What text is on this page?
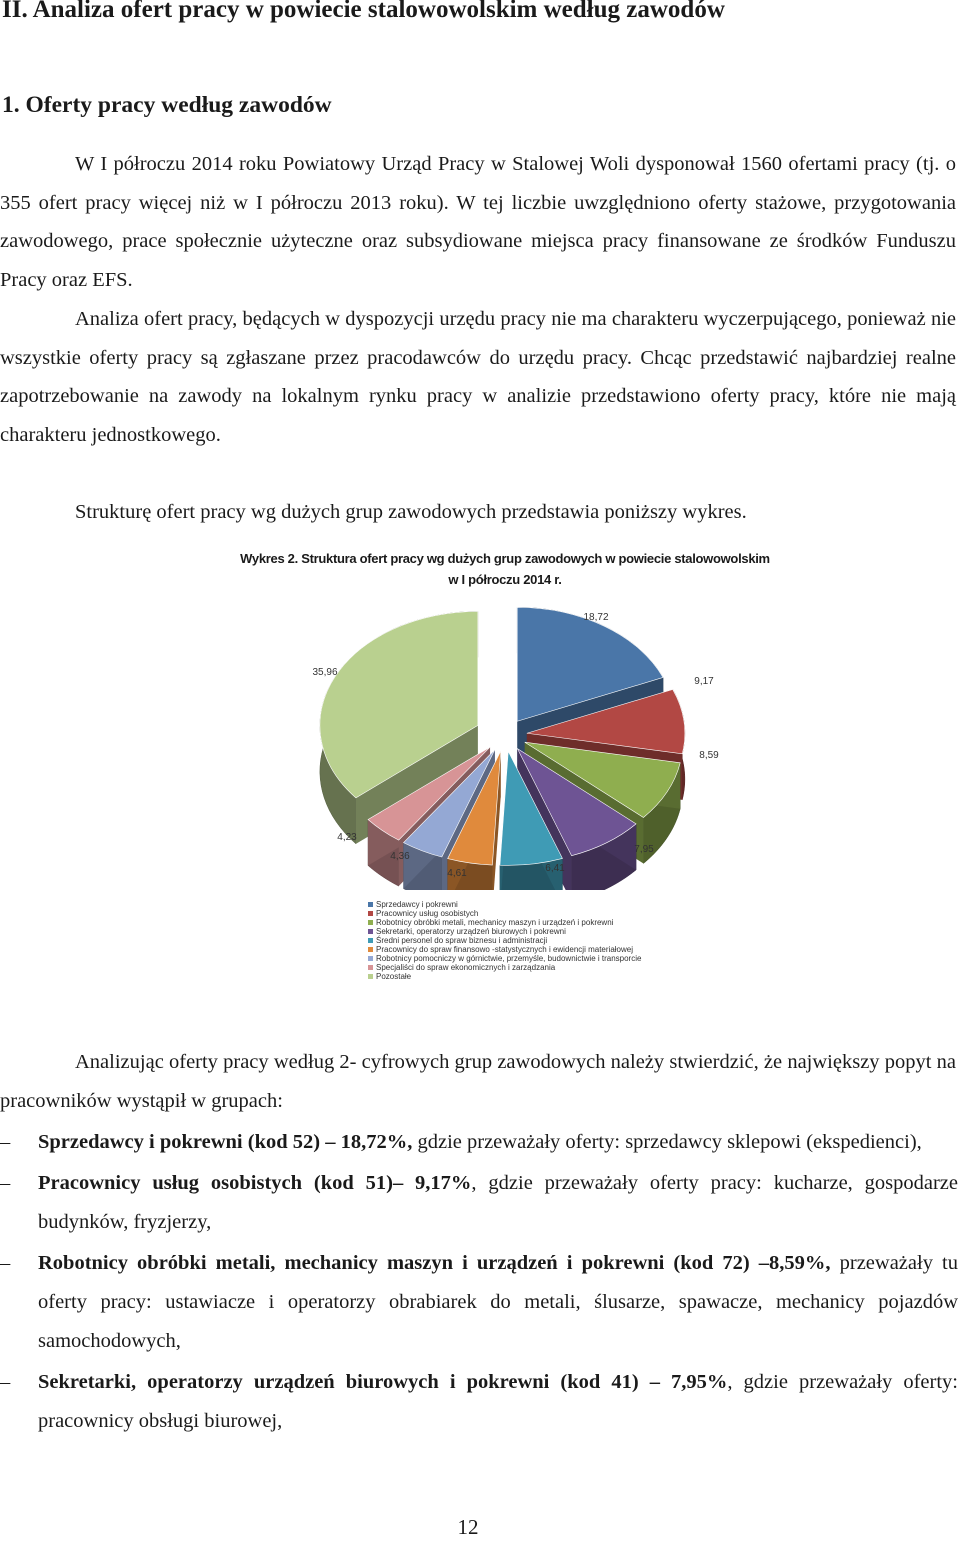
II. Analiza ofert pracy w powiecie stalowowolskim według zawodów
1. Oferty pracy według zawodów

W I półroczu 2014 roku Powiatowy Urząd Pracy w Stalowej Woli dysponował 1560 ofertami pracy (tj. o 355 ofert pracy więcej niż w I półroczu 2013 roku). W tej liczbie uwzględniono oferty stażowe, przygotowania zawodowego, prace społecznie użyteczne oraz subsydiowane miejsca pracy finansowane ze środków Funduszu Pracy oraz EFS.

Analiza ofert pracy, będących w dyspozycji urzędu pracy nie ma charakteru wyczerpującego, ponieważ nie wszystkie oferty pracy są zgłaszane przez pracodawców do urzędu pracy. Chcąc przedstawić najbardziej realne zapotrzebowanie na zawody na lokalnym rynku pracy w analizie przedstawiono oferty pracy, które nie mają charakteru jednostkowego.

Strukturę ofert pracy wg dużych grup zawodowych przedstawia poniższy wykres.

Wykres 2. Struktura ofert pracy wg dużych grup zawodowych w powiecie stalowowolskim
w I półroczu 2014 r.
18,72
9,17
8,59
7,95
6,41
4,61
4,36
4,23
35,96
Sprzedawcy i pokrewni
Pracownicy usług osobistych
Robotnicy obróbki metali, mechanicy maszyn i urządzeń i pokrewni
Sekretarki, operatorzy urządzeń biurowych i pokrewni
Średni personel do spraw biznesu i administracji
Pracownicy do spraw finansowo -statystycznych i ewidencji materiałowej
Robotnicy pomocniczy w górnictwie, przemyśle, budownictwie i transporcie
Specjaliści do spraw ekonomicznych i zarządzania
Pozostałe

Analizując oferty pracy według 2- cyfrowych grup zawodowych należy stwierdzić, że największy popyt na pracowników wystąpił w grupach:

– Sprzedawcy i pokrewni (kod 52) – 18,72%, gdzie przeważały oferty: sprzedawcy sklepowi (ekspedienci),
– Pracownicy usług osobistych (kod 51)– 9,17%, gdzie przeważały oferty pracy: kucharze, gospodarze budynków, fryzjerzy,
– Robotnicy obróbki metali, mechanicy maszyn i urządzeń i pokrewni (kod 72) –8,59%, przeważały tu oferty pracy: ustawiacze i operatorzy obrabiarek do metali, ślusarze, spawacze, mechanicy pojazdów samochodowych,
– Sekretarki, operatorzy urządzeń biurowych i pokrewni (kod 41) – 7,95%, gdzie przeważały oferty: pracownicy obsługi biurowej,
12
